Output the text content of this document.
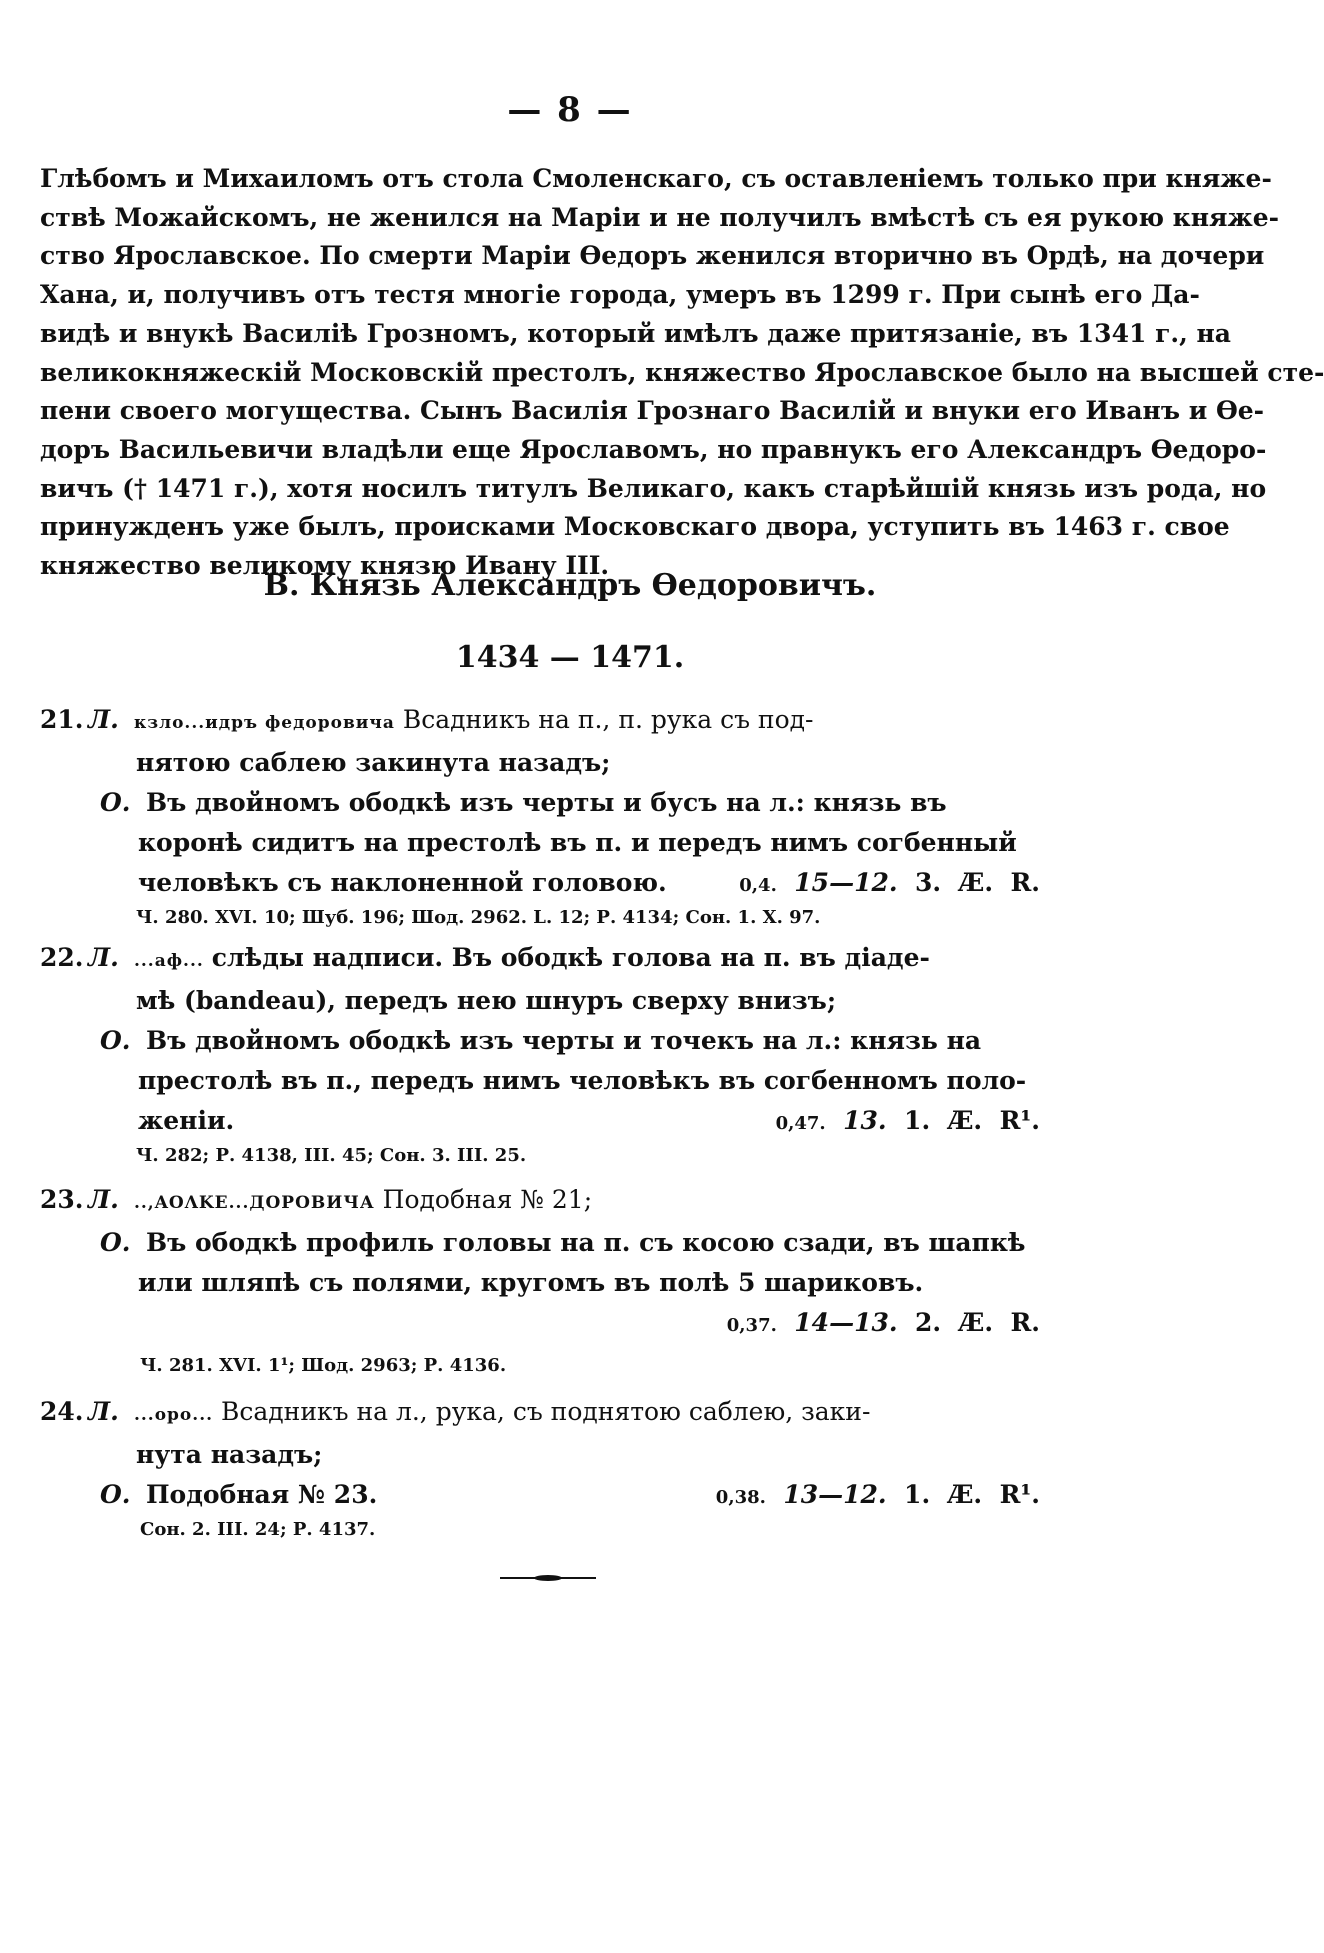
— 8 —
Глѣбомъ и Михаиломъ отъ стола Смоленскаго, съ оставленіемъ только при княже-
ствѣ Можайскомъ, не женился на Маріи и не получилъ вмѣстѣ съ ея рукою княже-
ство Ярославское. По смерти Маріи Өедоръ женился вторично въ Ордѣ, на дочери
Хана, и, получивъ отъ тестя многіе города, умеръ въ 1299 г. При сынѣ его Да-
видѣ и внукѣ Василіѣ Грозномъ, который имѣлъ даже притязаніе, въ 1341 г., на
великокняжескій Московскій престолъ, княжество Ярославское было на высшей сте-
пени своего могущества. Сынъ Василія Грознаго Василій и внуки его Иванъ и Өе-
доръ Васильевичи владѣли еще Ярославомъ, но правнукъ его Александръ Өедоро-
вичъ († 1471 г.), хотя носилъ титулъ Великаго, какъ старѣйшій князь изъ рода, но
принужденъ уже былъ, происками Московскаго двора, уступить въ 1463 г. свое
княжество великому князю Ивану III.
В. Князь Александръ Өедоровичъ.
1434 — 1471.
21. Л. кзло...идръ федоровича Всадникъ на п., п. рука съ под-
нятою саблею закинута назадъ;
О. Въ двойномъ ободкѣ изъ черты и бусъ на л.: князь въ
коронѣ сидитъ на престолѣ въ п. и передъ нимъ согбенный
человѣкъ съ наклоненной головою.	0,4. 15—12. 3. Æ. R.
Ч. 280. XVI. 10; Шуб. 196; Шод. 2962. L. 12; Р. 4134; Сон. 1. X. 97.
22. Л. ...аф... слѣды надписи. Въ ободкѣ голова на п. въ діаде-
мѣ (bandeau), передъ нею шнуръ сверху внизъ;
О. Въ двойномъ ободкѣ изъ черты и точекъ на л.: князь на
престолѣ въ п., передъ нимъ человѣкъ въ согбенномъ поло-
женіи.	0,47. 13. 1. Æ. R¹.
Ч. 282; Р. 4138, III. 45; Сон. 3. III. 25.
23. Л. ..,ΑΟΛΚΕ...ДОРОВИЧА Подобная № 21;
О. Въ ободкѣ профиль головы на п. съ косою сзади, въ шапкѣ
или шляпѣ съ полями, кругомъ въ полѣ 5 шариковъ.
0,37. 14—13. 2. Æ. R.
Ч. 281. XVI. 1¹; Шод. 2963; Р. 4136.
24. Л. ...оро... Всадникъ на л., рука, съ поднятою саблею, заки-
нута назадъ;
О. Подобная № 23.	0,38. 13—12. 1. Æ. R¹.
Сон. 2. III. 24; Р. 4137.
